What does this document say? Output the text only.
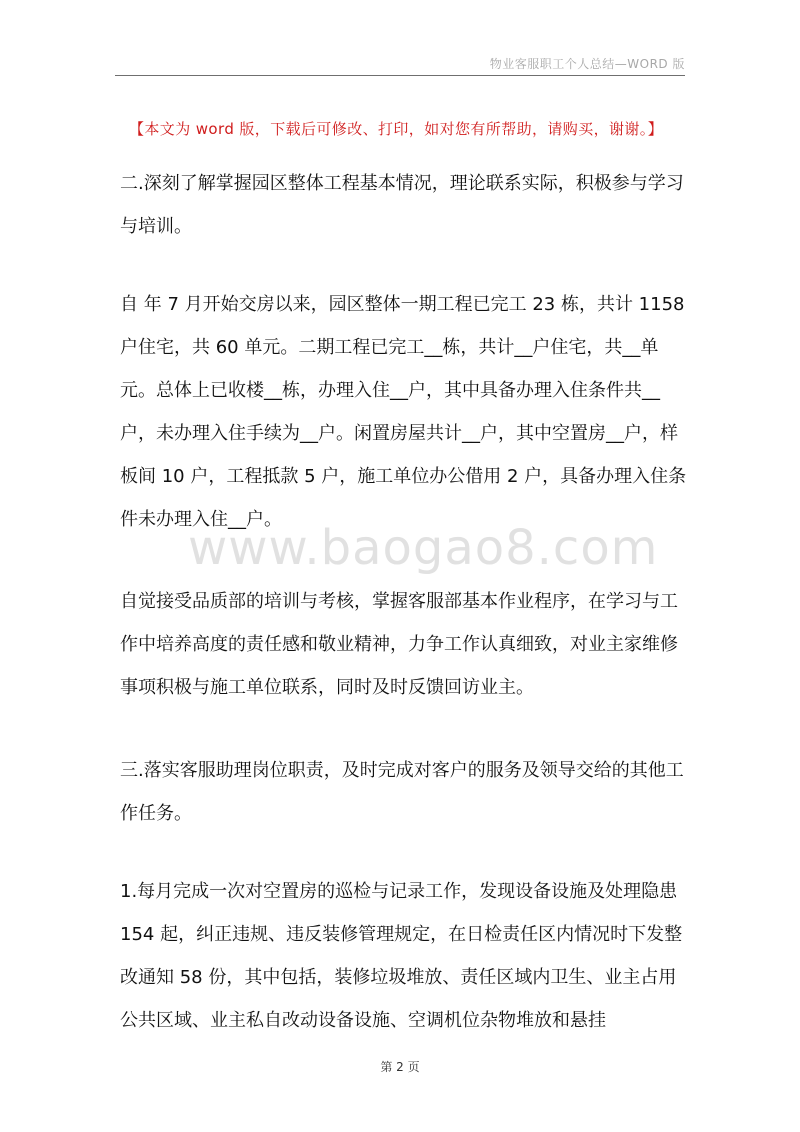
物业客服职工个人总结—WORD 版
【本文为 word 版，下载后可修改、打印，如对您有所帮助，请购买，谢谢。】
二.深刻了解掌握园区整体工程基本情况，理论联系实际，积极参与学习与培训。
自 年 7 月开始交房以来，园区整体一期工程已完工 23 栋，共计 1158 户住宅，共 60 单元。二期工程已完工__栋，共计__户住宅，共__单元。总体上已收楼__栋，办理入住__户，其中具备办理入住条件共__户，未办理入住手续为__户。闲置房屋共计__户，其中空置房__户，样板间 10 户，工程抵款 5 户，施工单位办公借用 2 户，具备办理入住条件未办理入住__户。
自觉接受品质部的培训与考核，掌握客服部基本作业程序，在学习与工作中培养高度的责任感和敬业精神，力争工作认真细致，对业主家维修事项积极与施工单位联系，同时及时反馈回访业主。
三.落实客服助理岗位职责，及时完成对客户的服务及领导交给的其他工作任务。
1.每月完成一次对空置房的巡检与记录工作，发现设备设施及处理隐患 154 起，纠正违规、违反装修管理规定，在日检责任区内情况时下发整改通知 58 份，其中包括，装修垃圾堆放、责任区域内卫生、业主占用公共区域、业主私自改动设备设施、空调机位杂物堆放和悬挂
www.baogao8.com
第 2 页
